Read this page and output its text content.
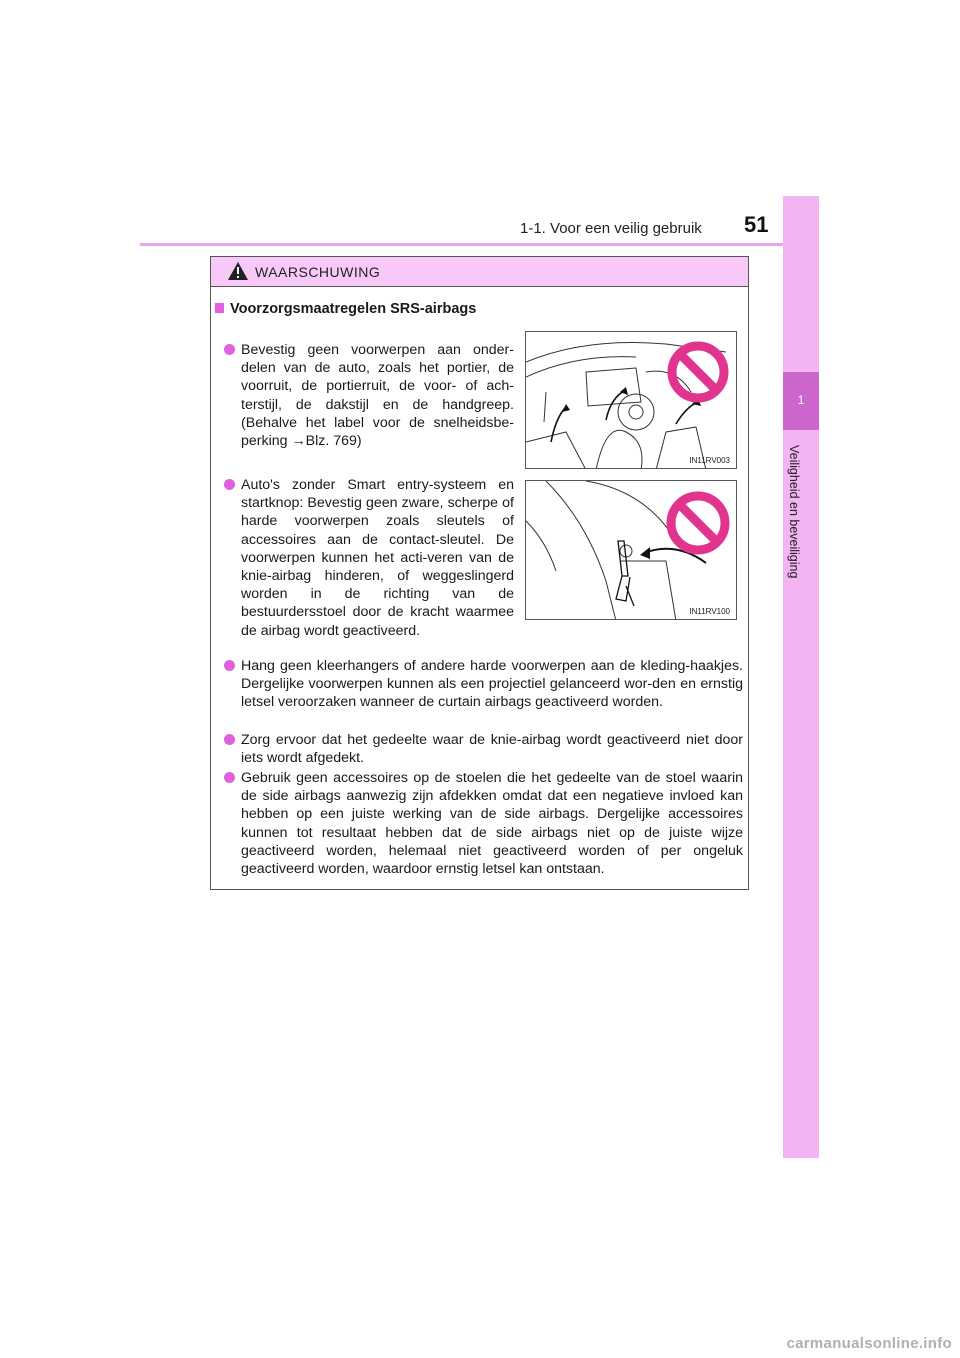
1-1. Voor een veilig gebruik 51
1
Veiligheid en beveiliging
WAARSCHUWING
Voorzorgsmaatregelen SRS-airbags

Bevestig geen voorwerpen aan onder-delen van de auto, zoals het portier, de voorruit, de portierruit, de voor- of ach-terstijl, de dakstijl en de handgreep. (Behalve het label voor de snelheidsbe-perking →Blz. 769)

IN11RV003

Auto's zonder Smart entry-systeem en startknop: Bevestig geen zware, scherpe of harde voorwerpen zoals sleutels of accessoires aan de contact-sleutel. De voorwerpen kunnen het acti-veren van de knie-airbag hinderen, of weggeslingerd worden in de richting van de bestuurdersstoel door de kracht waarmee de airbag wordt geactiveerd.

IN11RV100

Hang geen kleerhangers of andere harde voorwerpen aan de kleding-haakjes. Dergelijke voorwerpen kunnen als een projectiel gelanceerd wor-den en ernstig letsel veroorzaken wanneer de curtain airbags geactiveerd worden.

Zorg ervoor dat het gedeelte waar de knie-airbag wordt geactiveerd niet door iets wordt afgedekt.

Gebruik geen accessoires op de stoelen die het gedeelte van de stoel waarin de side airbags aanwezig zijn afdekken omdat dat een negatieve invloed kan hebben op een juiste werking van de side airbags. Dergelijke accessoires kunnen tot resultaat hebben dat de side airbags niet op de juiste wijze geactiveerd worden, helemaal niet geactiveerd worden of per ongeluk geactiveerd worden, waardoor ernstig letsel kan ontstaan.

carmanualsonline.info
